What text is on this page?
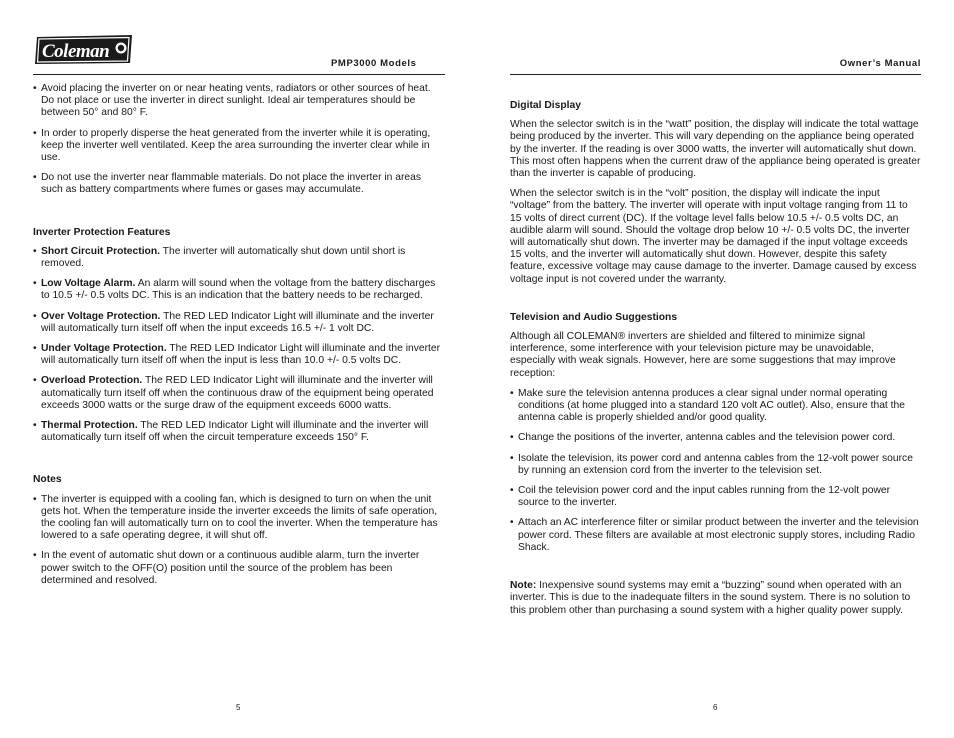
Coleman
PMP3000 Models

• Avoid placing the inverter on or near heating vents, radiators or other sources of heat. Do not place or use the inverter in direct sunlight. Ideal air temperatures should be between 50° and 80° F.

• In order to properly disperse the heat generated from the inverter while it is operating, keep the inverter well ventilated. Keep the area surrounding the inverter clear while in use.

• Do not use the inverter near flammable materials. Do not place the inverter in areas such as battery compartments where fumes or gases may accumulate.

Inverter Protection Features

• Short Circuit Protection. The inverter will automatically shut down until short is removed.

• Low Voltage Alarm. An alarm will sound when the voltage from the battery discharges to 10.5 +/- 0.5 volts DC. This is an indication that the battery needs to be recharged.

• Over Voltage Protection. The RED LED Indicator Light will illuminate and the inverter will automatically turn itself off when the input exceeds 16.5 +/- 1 volt DC.

• Under Voltage Protection. The RED LED Indicator Light will illuminate and the inverter will automatically turn itself off when the input is less than 10.0 +/- 0.5 volts DC.

• Overload Protection. The RED LED Indicator Light will illuminate and the inverter will automatically turn itself off when the continuous draw of the equipment being operated exceeds 3000 watts or the surge draw of the equipment exceeds 6000 watts.

• Thermal Protection. The RED LED Indicator Light will illuminate and the inverter will automatically turn itself off when the circuit temperature exceeds 150° F.

Notes

• The inverter is equipped with a cooling fan, which is designed to turn on when the unit gets hot. When the temperature inside the inverter exceeds the limits of safe operation, the cooling fan will automatically turn on to cool the inverter. When the temperature has lowered to a safe operating degree, it will shut off.

• In the event of automatic shut down or a continuous audible alarm, turn the inverter power switch to the OFF(O) position until the source of the problem has been determined and resolved.

5
Owner’s Manual

Digital Display

When the selector switch is in the “watt” position, the display will indicate the total wattage being produced by the inverter. This will vary depending on the appliance being operated by the inverter. If the reading is over 3000 watts, the inverter will automatically shut down. This most often happens when the current draw of the appliance being operated is greater than the inverter is capable of producing.

When the selector switch is in the “volt” position, the display will indicate the input “voltage” from the battery. The inverter will operate with input voltage ranging from 11 to 15 volts of direct current (DC). If the voltage level falls below 10.5 +/- 0.5 volts DC, an audible alarm will sound. Should the voltage drop below 10 +/- 0.5 volts DC, the inverter will automatically shut down. The inverter may be damaged if the input voltage exceeds 15 volts, and the inverter will automatically shut down. However, despite this safety feature, excessive voltage may cause damage to the inverter. Damage caused by excess voltage input is not covered under the warranty.

Television and Audio Suggestions

Although all COLEMAN® inverters are shielded and filtered to minimize signal interference, some interference with your television picture may be unavoidable, especially with weak signals. However, here are some suggestions that may improve reception:

• Make sure the television antenna produces a clear signal under normal operating conditions (at home plugged into a standard 120 volt AC outlet). Also, ensure that the antenna cable is properly shielded and/or good quality.

• Change the positions of the inverter, antenna cables and the television power cord.

• Isolate the television, its power cord and antenna cables from the 12-volt power source by running an extension cord from the inverter to the television set.

• Coil the television power cord and the input cables running from the 12-volt power source to the inverter.

• Attach an AC interference filter or similar product between the inverter and the television power cord. These filters are available at most electronic supply stores, including Radio Shack.

Note: Inexpensive sound systems may emit a “buzzing” sound when operated with an inverter. This is due to the inadequate filters in the sound system. There is no solution to this problem other than purchasing a sound system with a higher quality power supply.

6
